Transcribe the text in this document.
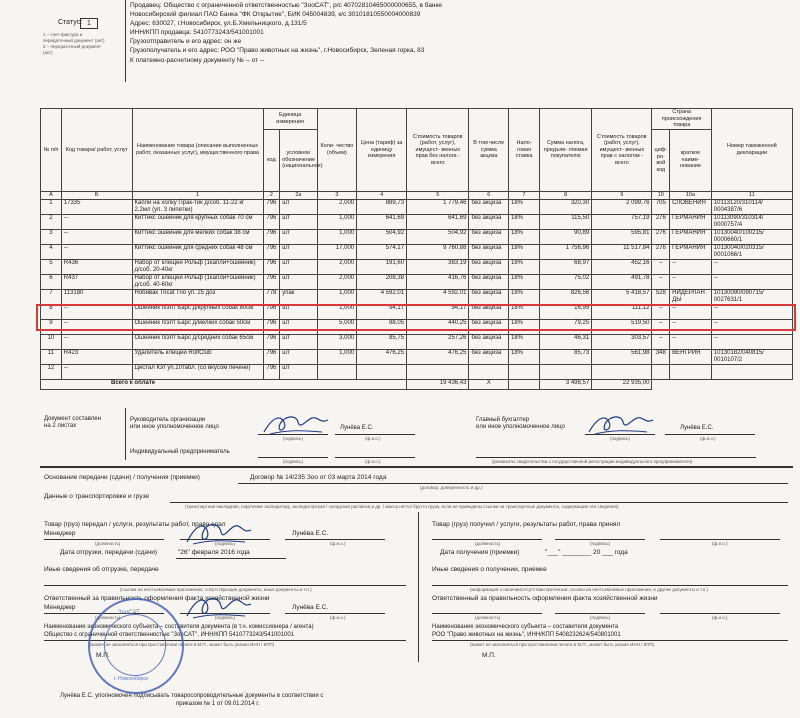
Статус: 1
1 – счет-фактура и
передаточный документ (акт)
2 – передаточный документ
(акт)
Продавец: Общество с ограниченной ответственностью "ЗооСАТ", р/с 40702810465000000655, в банке
Новосибирский филиал ПАО Банка "ФК Открытие", БИК 045004839, к/с 30101810550004000839
Адрес: 630027, г.Новосибирск, ул.Б.Хмельницкого, д.131/5
ИНН/КПП продавца: 5410773243/541001001
Грузоотправитель и его адрес: он же
Грузополучатель и его адрес: РОО "Право животных на жизнь", г.Новосибирск, Зеленая горка, 83
К платежно-расчетному документу № -- от --
№ п/п	Код товара/ работ, услуг	Наименование товара (описание выполненных работ, оказанных услуг), имущественного права	Единица измерения		Коли- чество (объем)	Цена (тариф) за единицу измерения	Стоимость товаров (работ, услуг), имущест- венных прав без налога - всего	В том числе сумма акциза	Нало- говая ставка	Сумма налога, предъяв- ляемая покупателю	Стоимость товаров (работ, услуг), имущест- венных прав с налогом - всего	Страна происхождения товара		Номер таможенной декларации
			код	условное обозначение (национальное)								циф- ро- вой код	краткое наиме- нование	
А	Б	1	2	2а	3	4	5	6	7	8	9	10	10а	11
1	17335	Капли на холку Прак-тик д/соб. 11-22 кг 2,2мл (уп. 3 пипетки)	796	шт	2,000	889,73	1 779,46	без акциза	18%	320,30	2 099,76	705	СЛОВЕНИЯ	10113120/310114/ 0004387/6
2	--	Киттикс ошейник для крупных собак 70 см	796	шт	1,000	641,69	641,69	без акциза	18%	115,50	757,19	276	ГЕРМАНИЯ	10113090/310314/ 0000757/4
3	--	Киттикс ошейник для мелких собак 38 см	796	шт	1,000	504,92	504,92	без акциза	18%	90,89	595,81	276	ГЕРМАНИЯ	10130040/100215/ 0000660/1
4	--	Киттикс ошейник для средних собак 48 см	796	шт	17,000	574,17	9 760,88	без акциза	18%	1 756,96	11 517,84	276	ГЕРМАНИЯ	10130040/020315/ 0001066/1
5	R436	Набор от клещей Рольф (1капли+ошейник) д/соб. 20-40кг	796	шт	2,000	191,60	383,19	без акциза	18%	68,97	452,16	--	--	--
6	R437	Набор от клещей Рольф (1капли+ошейник) д/соб. 40-60кг	796	шт	2,000	208,38	416,76	без акциза	18%	75,02	491,78	--	--	--
7	113180	Нобивак Tricat Trio уп. 25 доз	778	упак	1,000	4 592,01	4 592,01	без акциза	18%	826,56	5 418,57	528	НИДЕРЛАН ДЫ	10130090/090715/ 0027631/1
8	--	Ошейник п/эпт Барс д/крупных собак 80см	796	шт	1,000	94,17	94,17	без акциза	18%	16,95	111,12	--	--	--
9	--	Ошейник п/эпт Барс д/мелких собак 50см	796	шт	5,000	88,05	440,25	без акциза	18%	79,25	519,50	--	--	--
10	--	Ошейник п/эпт Барс д/средних собак 65см	796	шт	3,000	85,75	257,26	без акциза	18%	46,31	303,57	--	--	--
11	R423	Удалитель клещей RolfClub	796	шт	1,000	476,25	476,25	без акциза	18%	85,73	561,98	348	ВЕНГРИЯ	10130182/040815/ 0010107/2
12	--	Цестал Кэт уп.10табл. (со вкусом печени)	796	шт										
Всего к оплате							19 436,43	Х		3 498,57	22 935,00			
Документ составлен
на 2 листах
Руководитель организации
или иное уполномоченное лицо
(подпись)
Лунёва Е.С.
(ф.и.о.)
Главный бухгалтер
или иное уполномоченное лицо
(подпись)
Лунёва Е.С.
(ф.и.о.)
Индивидуальный предприниматель
(подпись)	(ф.и.о.)	(реквизиты свидетельства о государственной регистрации индивидуального предпринимателя)
Основание передачи (сдачи) / получения (приемки)	Договор № 14/235 Зоо от 03 марта 2014 года
(договор; доверенность и др.)
Данные о транспортировке и грузе
(транспортная накладная, поручение экспедитору, экспедиторская / складская расписка и др. / масса нетто/ брутто груза, если не приведены ссылки на транспортные документы, содержащие эти сведения)
Товар (груз) передал / услуги, результаты работ, права сдал
Менеджер
(должность)	(подпись)
Лунёва Е.С.
(ф.и.о.)
Дата отгрузки, передачи (сдачи)	"26" февраля 2016 года
Иные сведения об отгрузке, передаче
(ссылки на неотъемлемые приложения, сопутствующие документы, иные документы и т.п.)
Ответственный за правильность оформления факта хозяйственной жизни
Менеджер
(должность)	(подпись)
Лунёва Е.С.
(ф.и.о.)
Наименование экономического субъекта – составителя документа (в т.ч. комиссионера / агента)
Общество с ограниченной ответственностью "ЗооСАТ", ИНН/КПП 5410773243/541001001
(может не заполняться при проставлении печати в М.П., может быть указан ИНН / КПП)
М.П.
Лунёва Е.С. уполномочен подписывать товаросопроводительные документы в соответствии с
приказом № 1 от 09.01.2014 г.
Товар (груз) получил / услуги, результаты работ, права принял
(должность)	(подпись)	(ф.и.о.)
Дата получения (приемки)	"___" ________ 20 ___ года
Иные сведения о получении, приемке
(информация о наличии/отсутствии претензии; ссылки на неотъемлемые приложения, и другие документы и т.п.)
Ответственный за правильность оформления факта хозяйственной жизни
(должность)	(подпись)	(ф.и.о.)
Наименование экономического субъекта – составителя документа
РОО "Право животных на жизнь", ИНН/КПП 5408232624/540801001
(может не заполняться при проставлении печати в М.П., может быть указан ИНН / КПП)
М.П.
ЗооСАТ
г. Новосибирск
